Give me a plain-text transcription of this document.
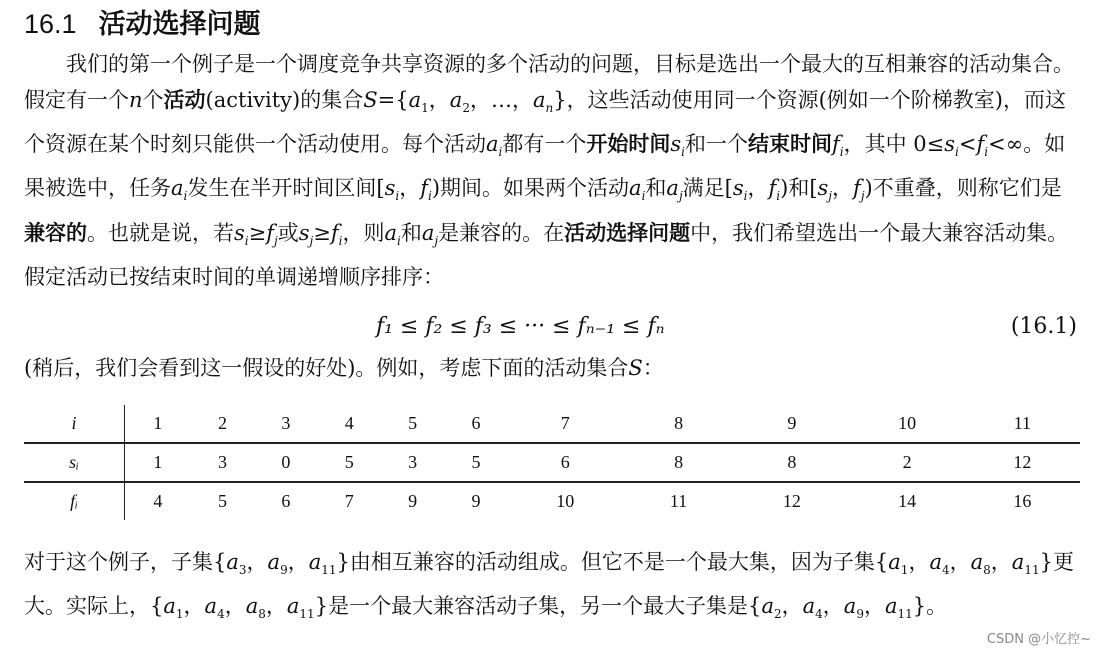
16.1 活动选择问题
我们的第一个例子是一个调度竞争共享资源的多个活动的问题，目标是选出一个最大的互相兼容的活动集合。假定有一个n个活动(activity)的集合$S=\{a_1$，$a_2$，…，$a_n$}，这些活动使用同一个资源(例如一个阶梯教室)，而这个资源在某个时刻只能供一个活动使用。每个活动$a_i$都有一个开始时间$s_i$和一个结束时间$f_i$，其中 $0\le s_i<f_i<\infty$。如果被选中，任务$a_i$发生在半开时间区间[$s_i$，$f_i$)期间。如果两个活动$a_i$和$a_j$满足[$s_i$，$f_i$)和[$s_j$，$f_j$)不重叠，则称它们是兼容的。也就是说，若$s_i\ge f_j$或$s_j\ge f_i$，则$a_i$和$a_j$是兼容的。在活动选择问题中，我们希望选出一个最大兼容活动集。假定活动已按结束时间的单调递增顺序排序：
f₁ ≤ f₂ ≤ f₃ ≤ ··· ≤ fₙ₋₁ ≤ fₙ	(16.1)
(稍后，我们会看到这一假设的好处)。例如，考虑下面的活动集合S：
i	1	2	3	4	5	6	7	8	9	10	11
sᵢ	1	3	0	5	3	5	6	8	8	2	12
fᵢ	4	5	6	7	9	9	10	11	12	14	16
对于这个例子，子集{$a_3$，$a_9$，$a_{11}$}由相互兼容的活动组成。但它不是一个最大集，因为子集{$a_1$，$a_4$，$a_8$，$a_{11}$}更大。实际上，{$a_1$，$a_4$，$a_8$，$a_{11}$}是一个最大兼容活动子集，另一个最大子集是{$a_2$，$a_4$，$a_9$，$a_{11}$}。
CSDN @小忆控~
